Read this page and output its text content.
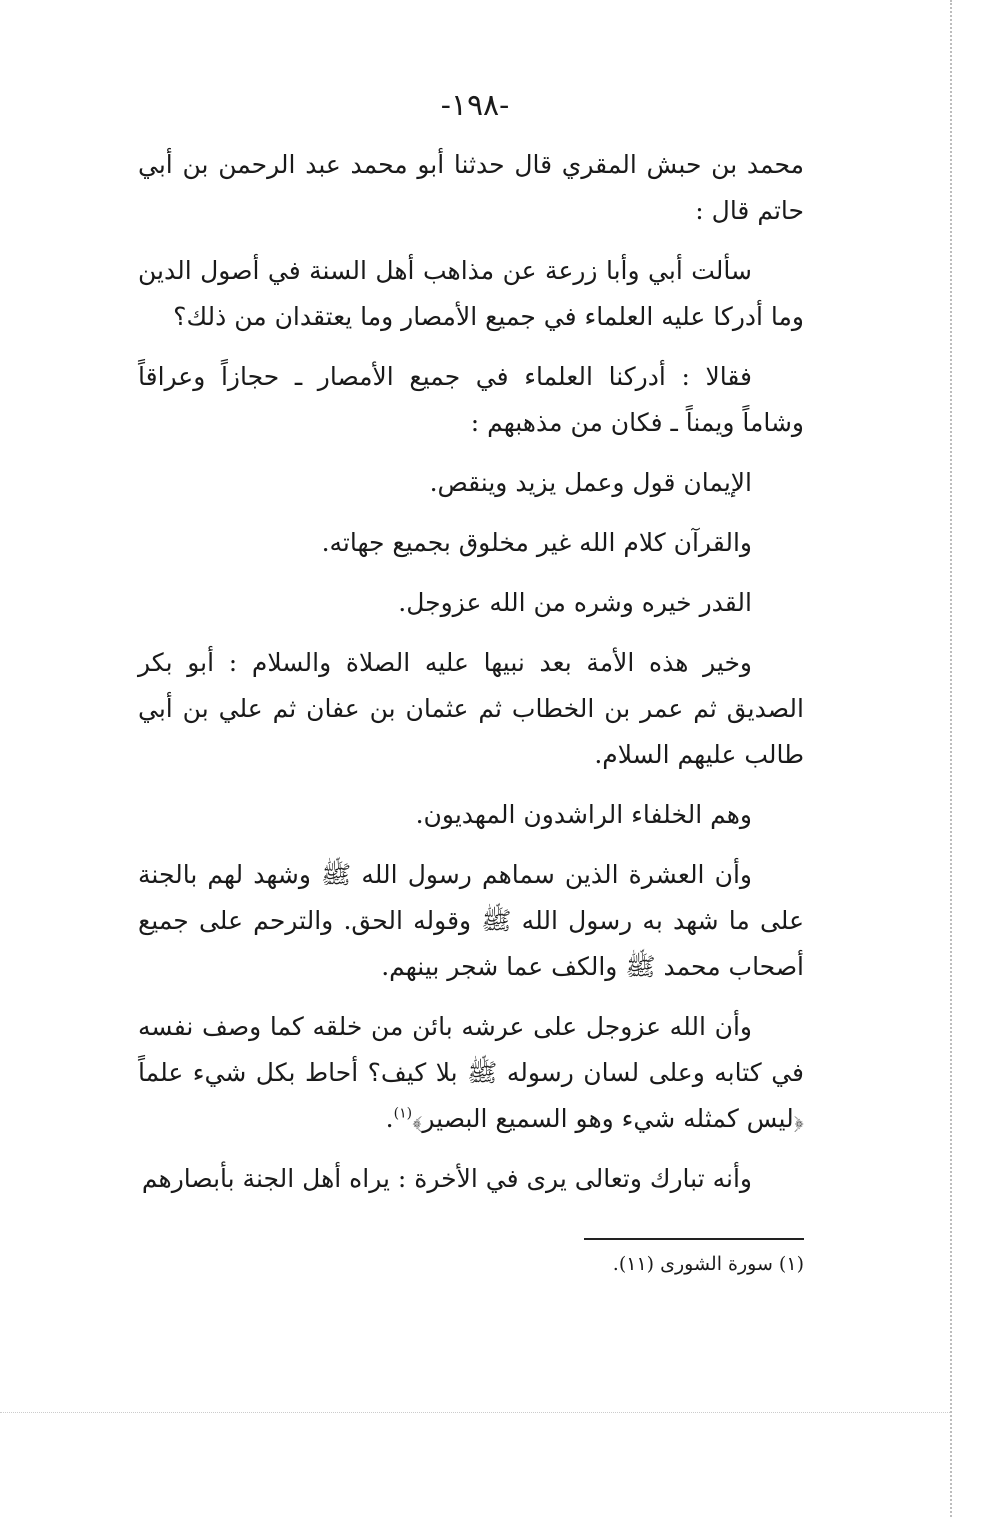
-١٩٨-

محمد بن حبش المقري قال حدثنا أبو محمد عبد الرحمن بن أبي حاتم قال :

سألت أبي وأبا زرعة عن مذاهب أهل السنة في أصول الدين وما أدركا عليه العلماء في جميع الأمصار وما يعتقدان من ذلك؟

فقالا : أدركنا العلماء في جميع الأمصار ـ حجازاً وعراقاً وشاماً ويمناً ـ فكان من مذهبهم :

الإيمان قول وعمل يزيد وينقص.

والقرآن كلام الله غير مخلوق بجميع جهاته.

القدر خيره وشره من الله عزوجل.

وخير هذه الأمة بعد نبيها عليه الصلاة والسلام : أبو بكر الصديق ثم عمر بن الخطاب ثم عثمان بن عفان ثم علي بن أبي طالب عليهم السلام.

وهم الخلفاء الراشدون المهديون.

وأن العشرة الذين سماهم رسول الله ﷺ وشهد لهم بالجنة على ما شهد به رسول الله ﷺ وقوله الحق. والترحم على جميع أصحاب محمد ﷺ والكف عما شجر بينهم.

وأن الله عزوجل على عرشه بائن من خلقه كما وصف نفسه في كتابه وعلى لسان رسوله ﷺ بلا كيف؟ أحاط بكل شيء علماً ﴿ليس كمثله شيء وهو السميع البصير﴾$^{(١)}$.

وأنه تبارك وتعالى يرى في الأخرة : يراه أهل الجنة بأبصارهم

(١) سورة الشورى (١١).
